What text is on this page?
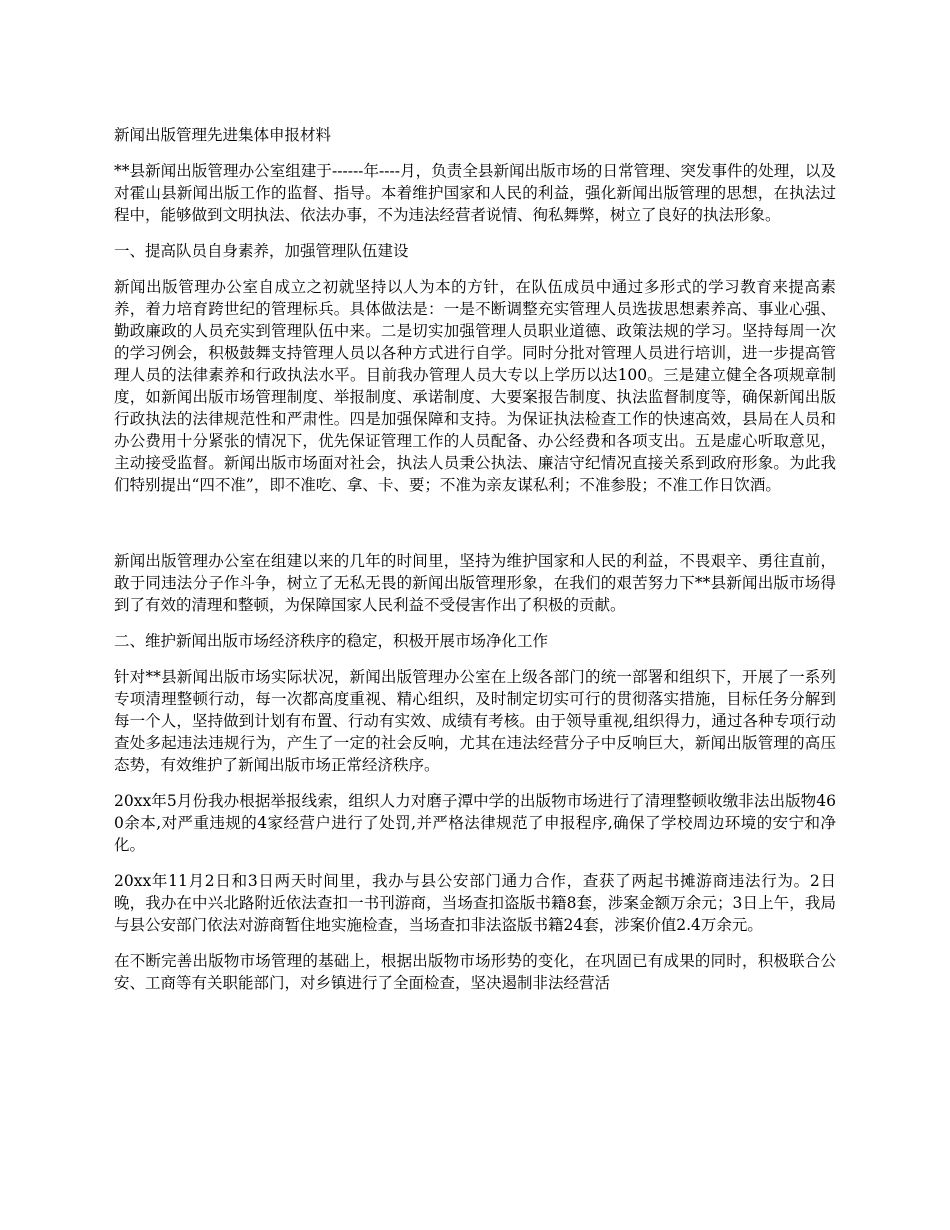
新闻出版管理先进集体申报材料

**县新闻出版管理办公室组建于------年----月，负责全县新闻出版市场的日常管理、突发事件的处理，以及对霍山县新闻出版工作的监督、指导。本着维护国家和人民的利益，强化新闻出版管理的思想，在执法过程中，能够做到文明执法、依法办事，不为违法经营者说情、徇私舞弊，树立了良好的执法形象。

一、提高队员自身素养，加强管理队伍建设

新闻出版管理办公室自成立之初就坚持以人为本的方针，在队伍成员中通过多形式的学习教育来提高素养，着力培育跨世纪的管理标兵。具体做法是：一是不断调整充实管理人员选拔思想素养高、事业心强、勤政廉政的人员充实到管理队伍中来。二是切实加强管理人员职业道德、政策法规的学习。坚持每周一次的学习例会，积极鼓舞支持管理人员以各种方式进行自学。同时分批对管理人员进行培训，进一步提高管理人员的法律素养和行政执法水平。目前我办管理人员大专以上学历以达100。三是建立健全各项规章制度，如新闻出版市场管理制度、举报制度、承诺制度、大要案报告制度、执法监督制度等，确保新闻出版行政执法的法律规范性和严肃性。四是加强保障和支持。为保证执法检查工作的快速高效，县局在人员和办公费用十分紧张的情况下，优先保证管理工作的人员配备、办公经费和各项支出。五是虚心听取意见，主动接受监督。新闻出版市场面对社会，执法人员秉公执法、廉洁守纪情况直接关系到政府形象。为此我们特别提出“四不准”，即不准吃、拿、卡、要；不准为亲友谋私利；不准参股；不准工作日饮酒。

新闻出版管理办公室在组建以来的几年的时间里，坚持为维护国家和人民的利益，不畏艰辛、勇往直前，敢于同违法分子作斗争，树立了无私无畏的新闻出版管理形象，在我们的艰苦努力下**县新闻出版市场得到了有效的清理和整顿，为保障国家人民利益不受侵害作出了积极的贡献。

二、维护新闻出版市场经济秩序的稳定，积极开展市场净化工作

针对**县新闻出版市场实际状况，新闻出版管理办公室在上级各部门的统一部署和组织下，开展了一系列专项清理整顿行动，每一次都高度重视、精心组织，及时制定切实可行的贯彻落实措施，目标任务分解到每一个人，坚持做到计划有布置、行动有实效、成绩有考核。由于领导重视,组织得力，通过各种专项行动查处多起违法违规行为，产生了一定的社会反响，尤其在违法经营分子中反响巨大，新闻出版管理的高压态势，有效维护了新闻出版市场正常经济秩序。

20xx年5月份我办根据举报线索，组织人力对磨子潭中学的出版物市场进行了清理整顿收缴非法出版物460余本,对严重违规的4家经营户进行了处罚,并严格法律规范了申报程序,确保了学校周边环境的安宁和净化。

20xx年11月2日和3日两天时间里，我办与县公安部门通力合作，查获了两起书摊游商违法行为。2日晚，我办在中兴北路附近依法查扣一书刊游商，当场查扣盗版书籍8套，涉案金额万余元；3日上午，我局与县公安部门依法对游商暂住地实施检查，当场查扣非法盗版书籍24套，涉案价值2.4万余元。

在不断完善出版物市场管理的基础上，根据出版物市场形势的变化，在巩固已有成果的同时，积极联合公安、工商等有关职能部门，对乡镇进行了全面检查，坚决遏制非法经营活
